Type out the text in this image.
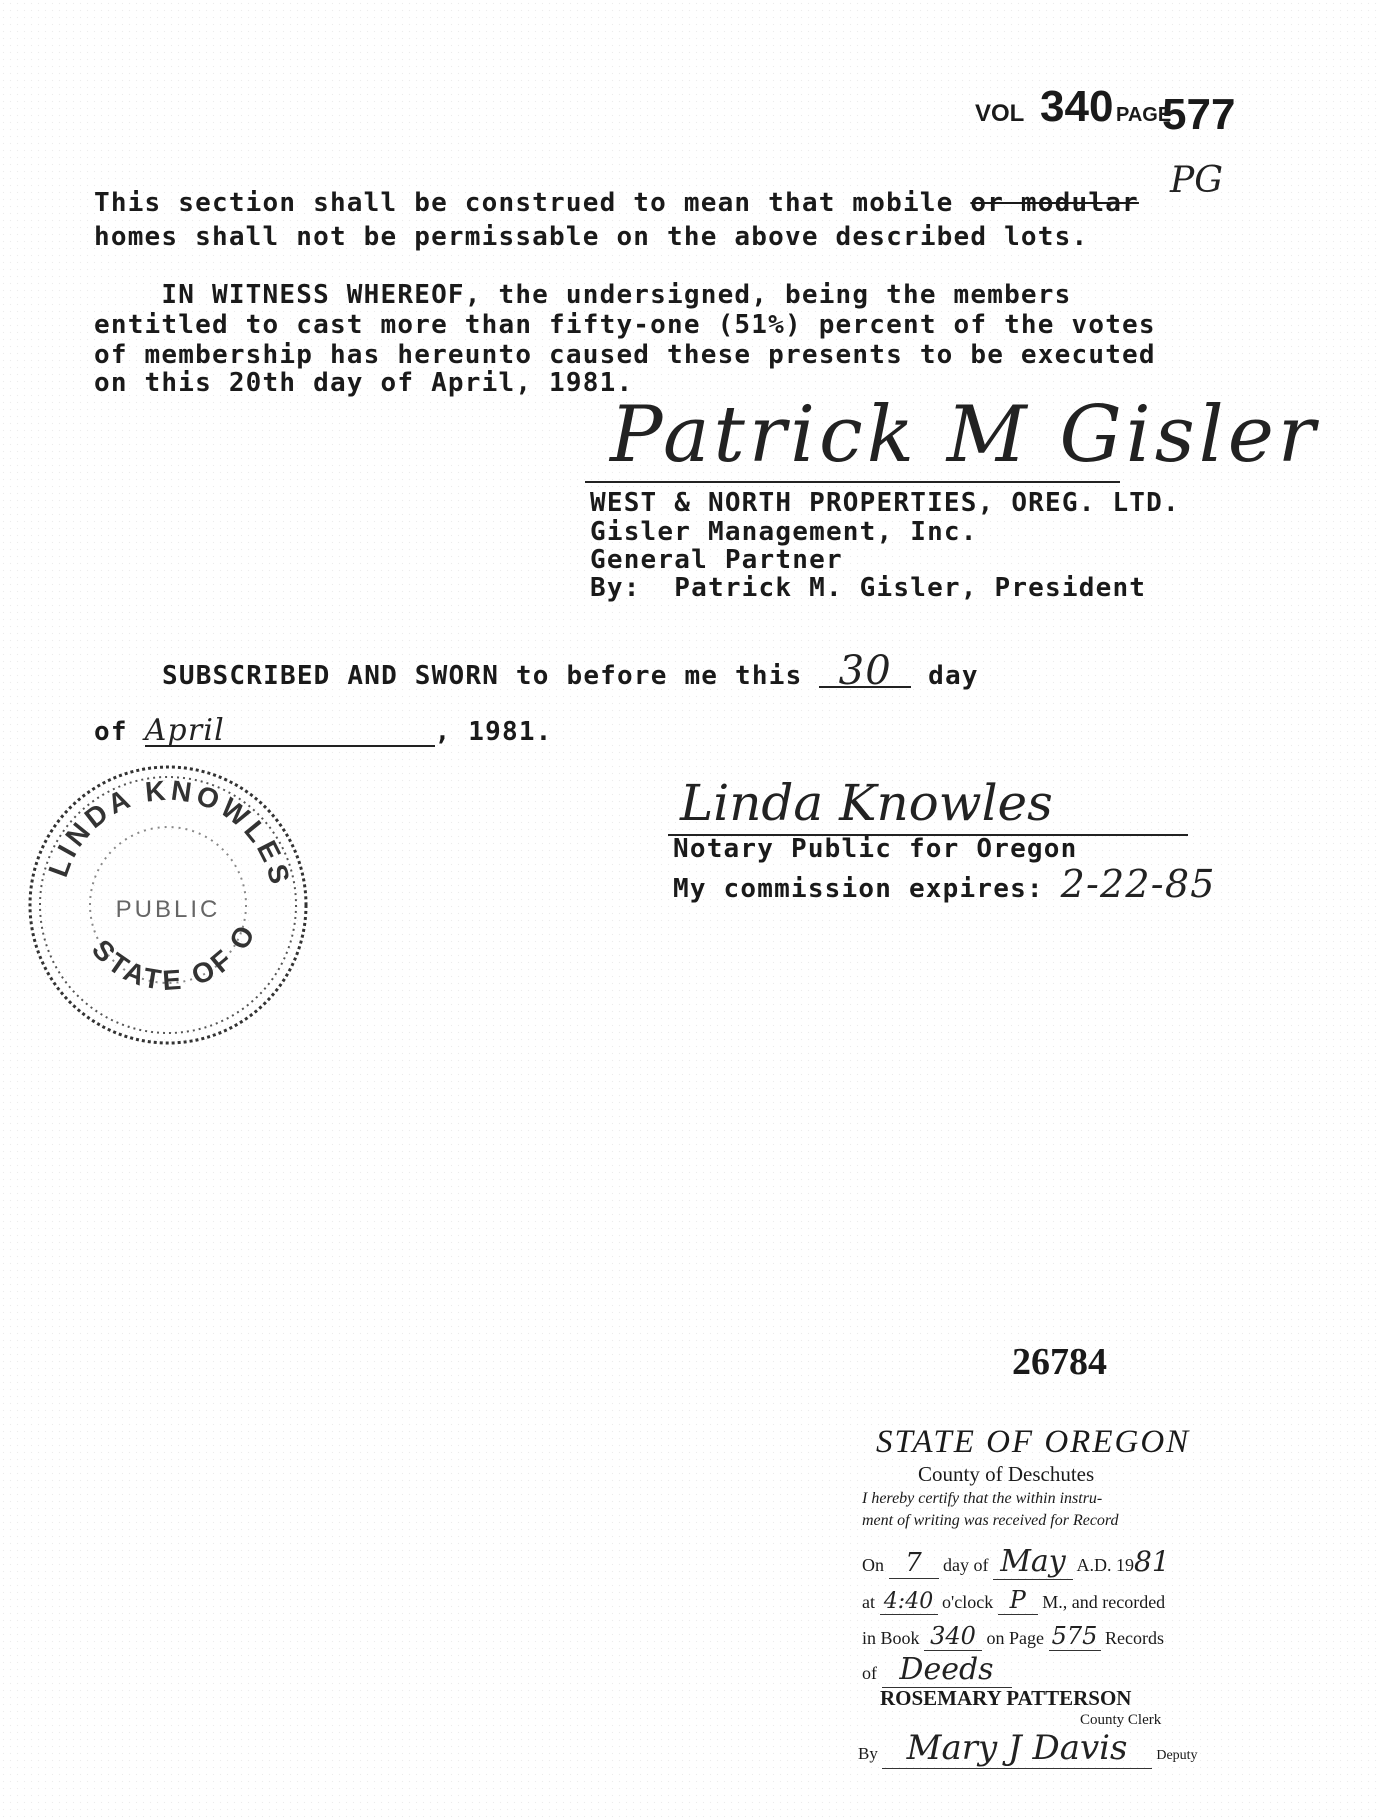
VOL 340 PAGE
577
PG
This section shall be construed to mean that mobile or modular
homes shall not be permissable on the above described lots.
IN WITNESS WHEREOF, the undersigned, being the members
entitled to cast more than fifty-one (51%) percent of the votes
of membership has hereunto caused these presents to be executed
on this 20th day of April, 1981.
Patrick M Gisler
WEST & NORTH PROPERTIES, OREG. LTD.
Gisler Management, Inc.
General Partner
By:  Patrick M. Gisler, President
SUBSCRIBED AND SWORN to before me this 30 day
of April	, 1981.
Linda Knowles
Notary Public for Oregon
My commission expires: 2-22-85
LINDA KNOWLES
PUBLIC
STATE OF O
26784
STATE OF OREGON
County of Deschutes
I hereby certify that the within instru-
ment of writing was received for Record
On 7 day of May A.D. 1981
at 4:40 o'clock P M., and recorded
in Book 340 on Page 575 Records
of Deeds
ROSEMARY PATTERSON
County Clerk
By Mary J Davis Deputy
